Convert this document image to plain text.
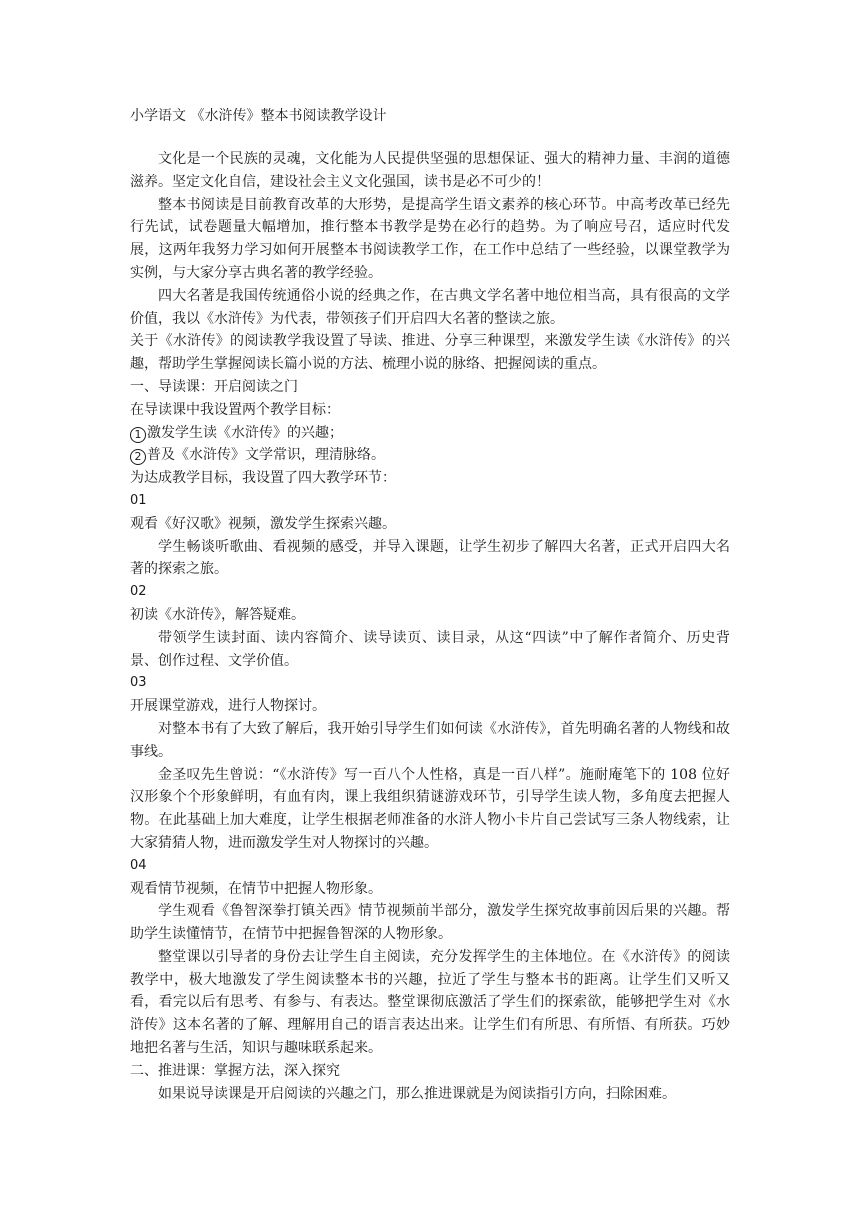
小学语文 《水浒传》整本书阅读教学设计

文化是一个民族的灵魂，文化能为人民提供坚强的思想保证、强大的精神力量、丰润的道德滋养。坚定文化自信，建设社会主义文化强国，读书是必不可少的！

整本书阅读是目前教育改革的大形势，是提高学生语文素养的核心环节。中高考改革已经先行先试，试卷题量大幅增加，推行整本书教学是势在必行的趋势。为了响应号召，适应时代发展，这两年我努力学习如何开展整本书阅读教学工作，在工作中总结了一些经验，以课堂教学为实例，与大家分享古典名著的教学经验。

四大名著是我国传统通俗小说的经典之作，在古典文学名著中地位相当高，具有很高的文学价值，我以《水浒传》为代表，带领孩子们开启四大名著的整读之旅。

关于《水浒传》的阅读教学我设置了导读、推进、分享三种课型，来激发学生读《水浒传》的兴趣，帮助学生掌握阅读长篇小说的方法、梳理小说的脉络、把握阅读的重点。

一、导读课：开启阅读之门

在导读课中我设置两个教学目标：

1 激发学生读《水浒传》的兴趣；

2 普及《水浒传》文学常识，理清脉络。

为达成教学目标，我设置了四大教学环节：

01

观看《好汉歌》视频，激发学生探索兴趣。

学生畅谈听歌曲、看视频的感受，并导入课题，让学生初步了解四大名著，正式开启四大名著的探索之旅。

02

初读《水浒传》，解答疑难。

带领学生读封面、读内容简介、读导读页、读目录，从这“四读”中了解作者简介、历史背景、创作过程、文学价值。

03

开展课堂游戏，进行人物探讨。

对整本书有了大致了解后，我开始引导学生们如何读《水浒传》，首先明确名著的人物线和故事线。

金圣叹先生曾说：“《水浒传》写一百八个人性格，真是一百八样”。施耐庵笔下的 108 位好汉形象个个形象鲜明，有血有肉，课上我组织猜谜游戏环节，引导学生读人物，多角度去把握人物。在此基础上加大难度，让学生根据老师准备的水浒人物小卡片自己尝试写三条人物线索，让大家猜猜人物，进而激发学生对人物探讨的兴趣。

04

观看情节视频，在情节中把握人物形象。

学生观看《鲁智深拳打镇关西》情节视频前半部分，激发学生探究故事前因后果的兴趣。帮助学生读懂情节，在情节中把握鲁智深的人物形象。

整堂课以引导者的身份去让学生自主阅读，充分发挥学生的主体地位。在《水浒传》的阅读教学中，极大地激发了学生阅读整本书的兴趣，拉近了学生与整本书的距离。让学生们又听又看，看完以后有思考、有参与、有表达。整堂课彻底激活了学生们的探索欲，能够把学生对《水浒传》这本名著的了解、理解用自己的语言表达出来。让学生们有所思、有所悟、有所获。巧妙地把名著与生活，知识与趣味联系起来。

二、推进课：掌握方法，深入探究

如果说导读课是开启阅读的兴趣之门，那么推进课就是为阅读指引方向，扫除困难。
